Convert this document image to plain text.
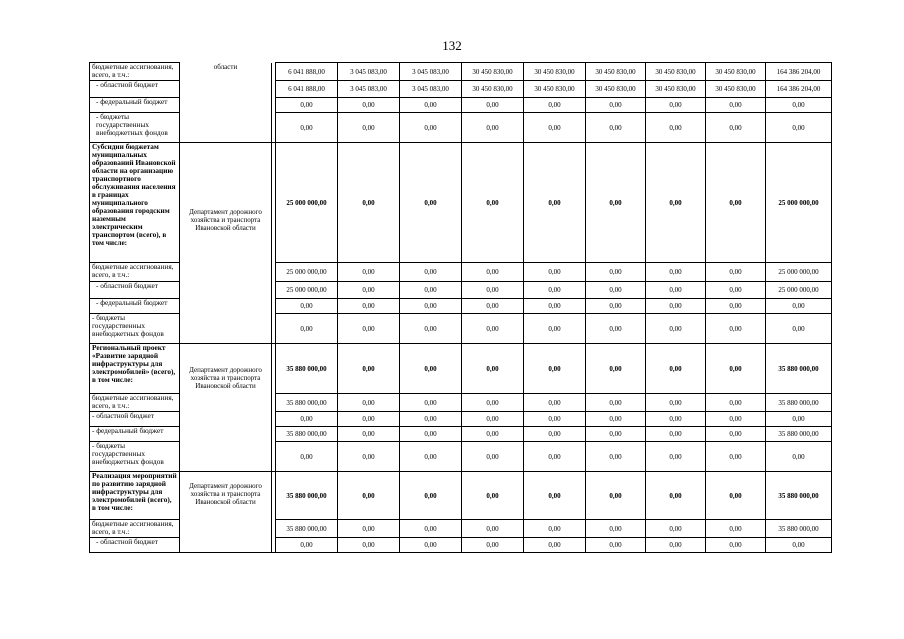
132
бюджетные ассигнования, всего, в т.ч.:	области		6 041 888,00	3 045 083,00	3 045 083,00	30 450 830,00	30 450 830,00	30 450 830,00	30 450 830,00	30 450 830,00	164 386 204,00
- областной бюджет			6 041 888,00	3 045 083,00	3 045 083,00	30 450 830,00	30 450 830,00	30 450 830,00	30 450 830,00	30 450 830,00	164 386 204,00
- федеральный бюджет			0,00	0,00	0,00	0,00	0,00	0,00	0,00	0,00	0,00
- бюджеты государственных внебюджетных фондов			0,00	0,00	0,00	0,00	0,00	0,00	0,00	0,00	0,00
Субсидии бюджетам муниципальных образований Ивановской области на организацию транспортного обслуживания населения в границах муниципального образования городским наземным электрическим транспортом (всего), в том числе:	Департамент дорожного хозяйства и транспорта Ивановской области		25 000 000,00	0,00	0,00	0,00	0,00	0,00	0,00	0,00	25 000 000,00
бюджетные ассигнования, всего, в т.ч.:			25 000 000,00	0,00	0,00	0,00	0,00	0,00	0,00	0,00	25 000 000,00
- областной бюджет			25 000 000,00	0,00	0,00	0,00	0,00	0,00	0,00	0,00	25 000 000,00
- федеральный бюджет			0,00	0,00	0,00	0,00	0,00	0,00	0,00	0,00	0,00
- бюджеты государственных внебюджетных фондов			0,00	0,00	0,00	0,00	0,00	0,00	0,00	0,00	0,00
Региональный проект «Развитие зарядной инфраструктуры для электромобилей» (всего), в том числе:	Департамент дорожного хозяйства и транспорта Ивановской области		35 880 000,00	0,00	0,00	0,00	0,00	0,00	0,00	0,00	35 880 000,00
бюджетные ассигнования, всего, в т.ч.:			35 880 000,00	0,00	0,00	0,00	0,00	0,00	0,00	0,00	35 880 000,00
- областной бюджет			0,00	0,00	0,00	0,00	0,00	0,00	0,00	0,00	0,00
- федеральный бюджет			35 880 000,00	0,00	0,00	0,00	0,00	0,00	0,00	0,00	35 880 000,00
- бюджеты государственных внебюджетных фондов			0,00	0,00	0,00	0,00	0,00	0,00	0,00	0,00	0,00
Реализация мероприятий по развитию зарядной инфраструктуры для электромобилей (всего), в том числе:	Департамент дорожного хозяйства и транспорта Ивановской области		35 880 000,00	0,00	0,00	0,00	0,00	0,00	0,00	0,00	35 880 000,00
бюджетные ассигнования, всего, в т.ч.:			35 880 000,00	0,00	0,00	0,00	0,00	0,00	0,00	0,00	35 880 000,00
- областной бюджет			0,00	0,00	0,00	0,00	0,00	0,00	0,00	0,00	0,00
